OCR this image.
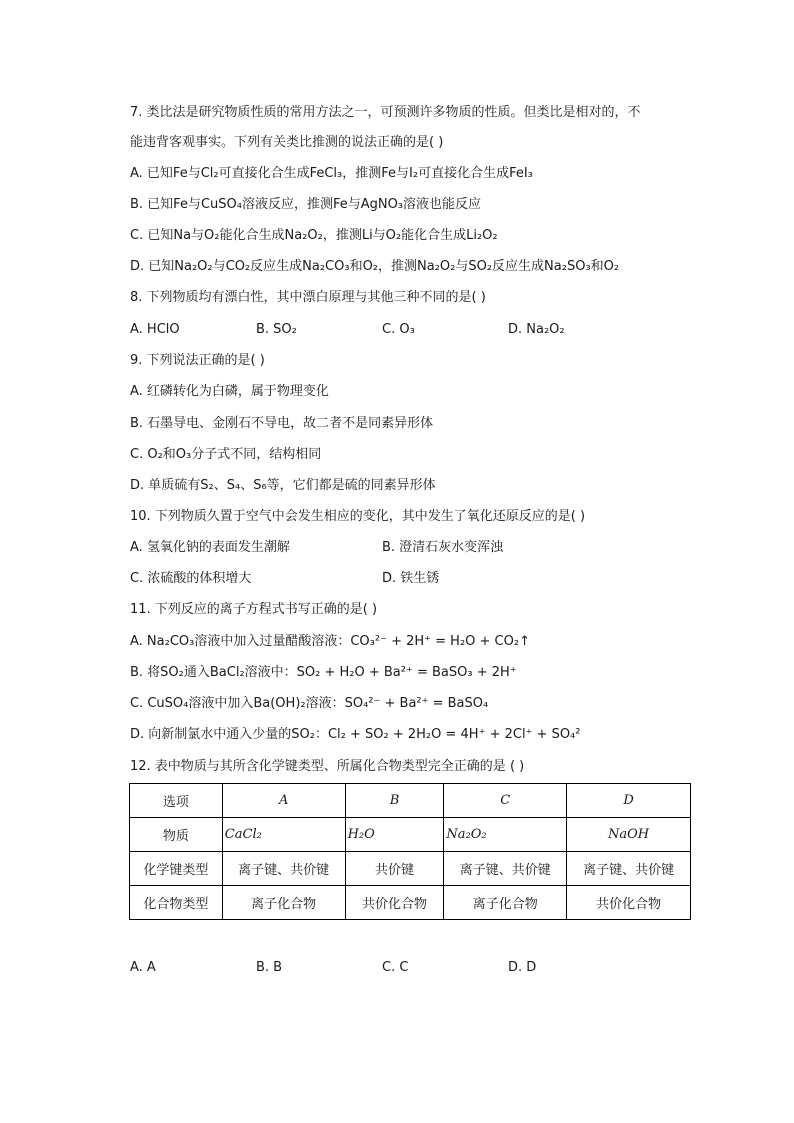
7. 类比法是研究物质性质的常用方法之一，可预测许多物质的性质。但类比是相对的，不
能违背客观事实。下列有关类比推测的说法正确的是( )
A. 已知Fe与Cl₂可直接化合生成FeCl₃，推测Fe与I₂可直接化合生成FeI₃
B. 已知Fe与CuSO₄溶液反应，推测Fe与AgNO₃溶液也能反应
C. 已知Na与O₂能化合生成Na₂O₂，推测Li与O₂能化合生成Li₂O₂
D. 已知Na₂O₂与CO₂反应生成Na₂CO₃和O₂，推测Na₂O₂与SO₂反应生成Na₂SO₃和O₂
8. 下列物质均有漂白性，其中漂白原理与其他三种不同的是( )
A. HClO	B. SO₂	C. O₃	D. Na₂O₂
9. 下列说法正确的是( )
A. 红磷转化为白磷，属于物理变化
B. 石墨导电、金刚石不导电，故二者不是同素异形体
C. O₂和O₃分子式不同，结构相同
D. 单质硫有S₂、S₄、S₆等，它们都是硫的同素异形体
10. 下列物质久置于空气中会发生相应的变化，其中发生了氧化还原反应的是( )
A. 氢氧化钠的表面发生潮解	B. 澄清石灰水变浑浊
C. 浓硫酸的体积增大	D. 铁生锈
11. 下列反应的离子方程式书写正确的是( )
A. Na₂CO₃溶液中加入过量醋酸溶液：CO₃²⁻ + 2H⁺ = H₂O + CO₂↑
B. 将SO₂通入BaCl₂溶液中：SO₂ + H₂O + Ba²⁺ = BaSO₃ + 2H⁺
C. CuSO₄溶液中加入Ba(OH)₂溶液：SO₄²⁻ + Ba²⁺ = BaSO₄
D. 向新制氯水中通入少量的SO₂：Cl₂ + SO₂ + 2H₂O = 4H⁺ + 2Cl⁺ + SO₄²
12. 表中物质与其所含化学键类型、所属化合物类型完全正确的是 ( )
选项	A	B	C	D
物质	CaCl₂	H₂O	Na₂O₂	NaOH
化学键类型	离子键、共价键	共价键	离子键、共价键	离子键、共价键
化合物类型	离子化合物	共价化合物	离子化合物	共价化合物
A. A	B. B	C. C	D. D
